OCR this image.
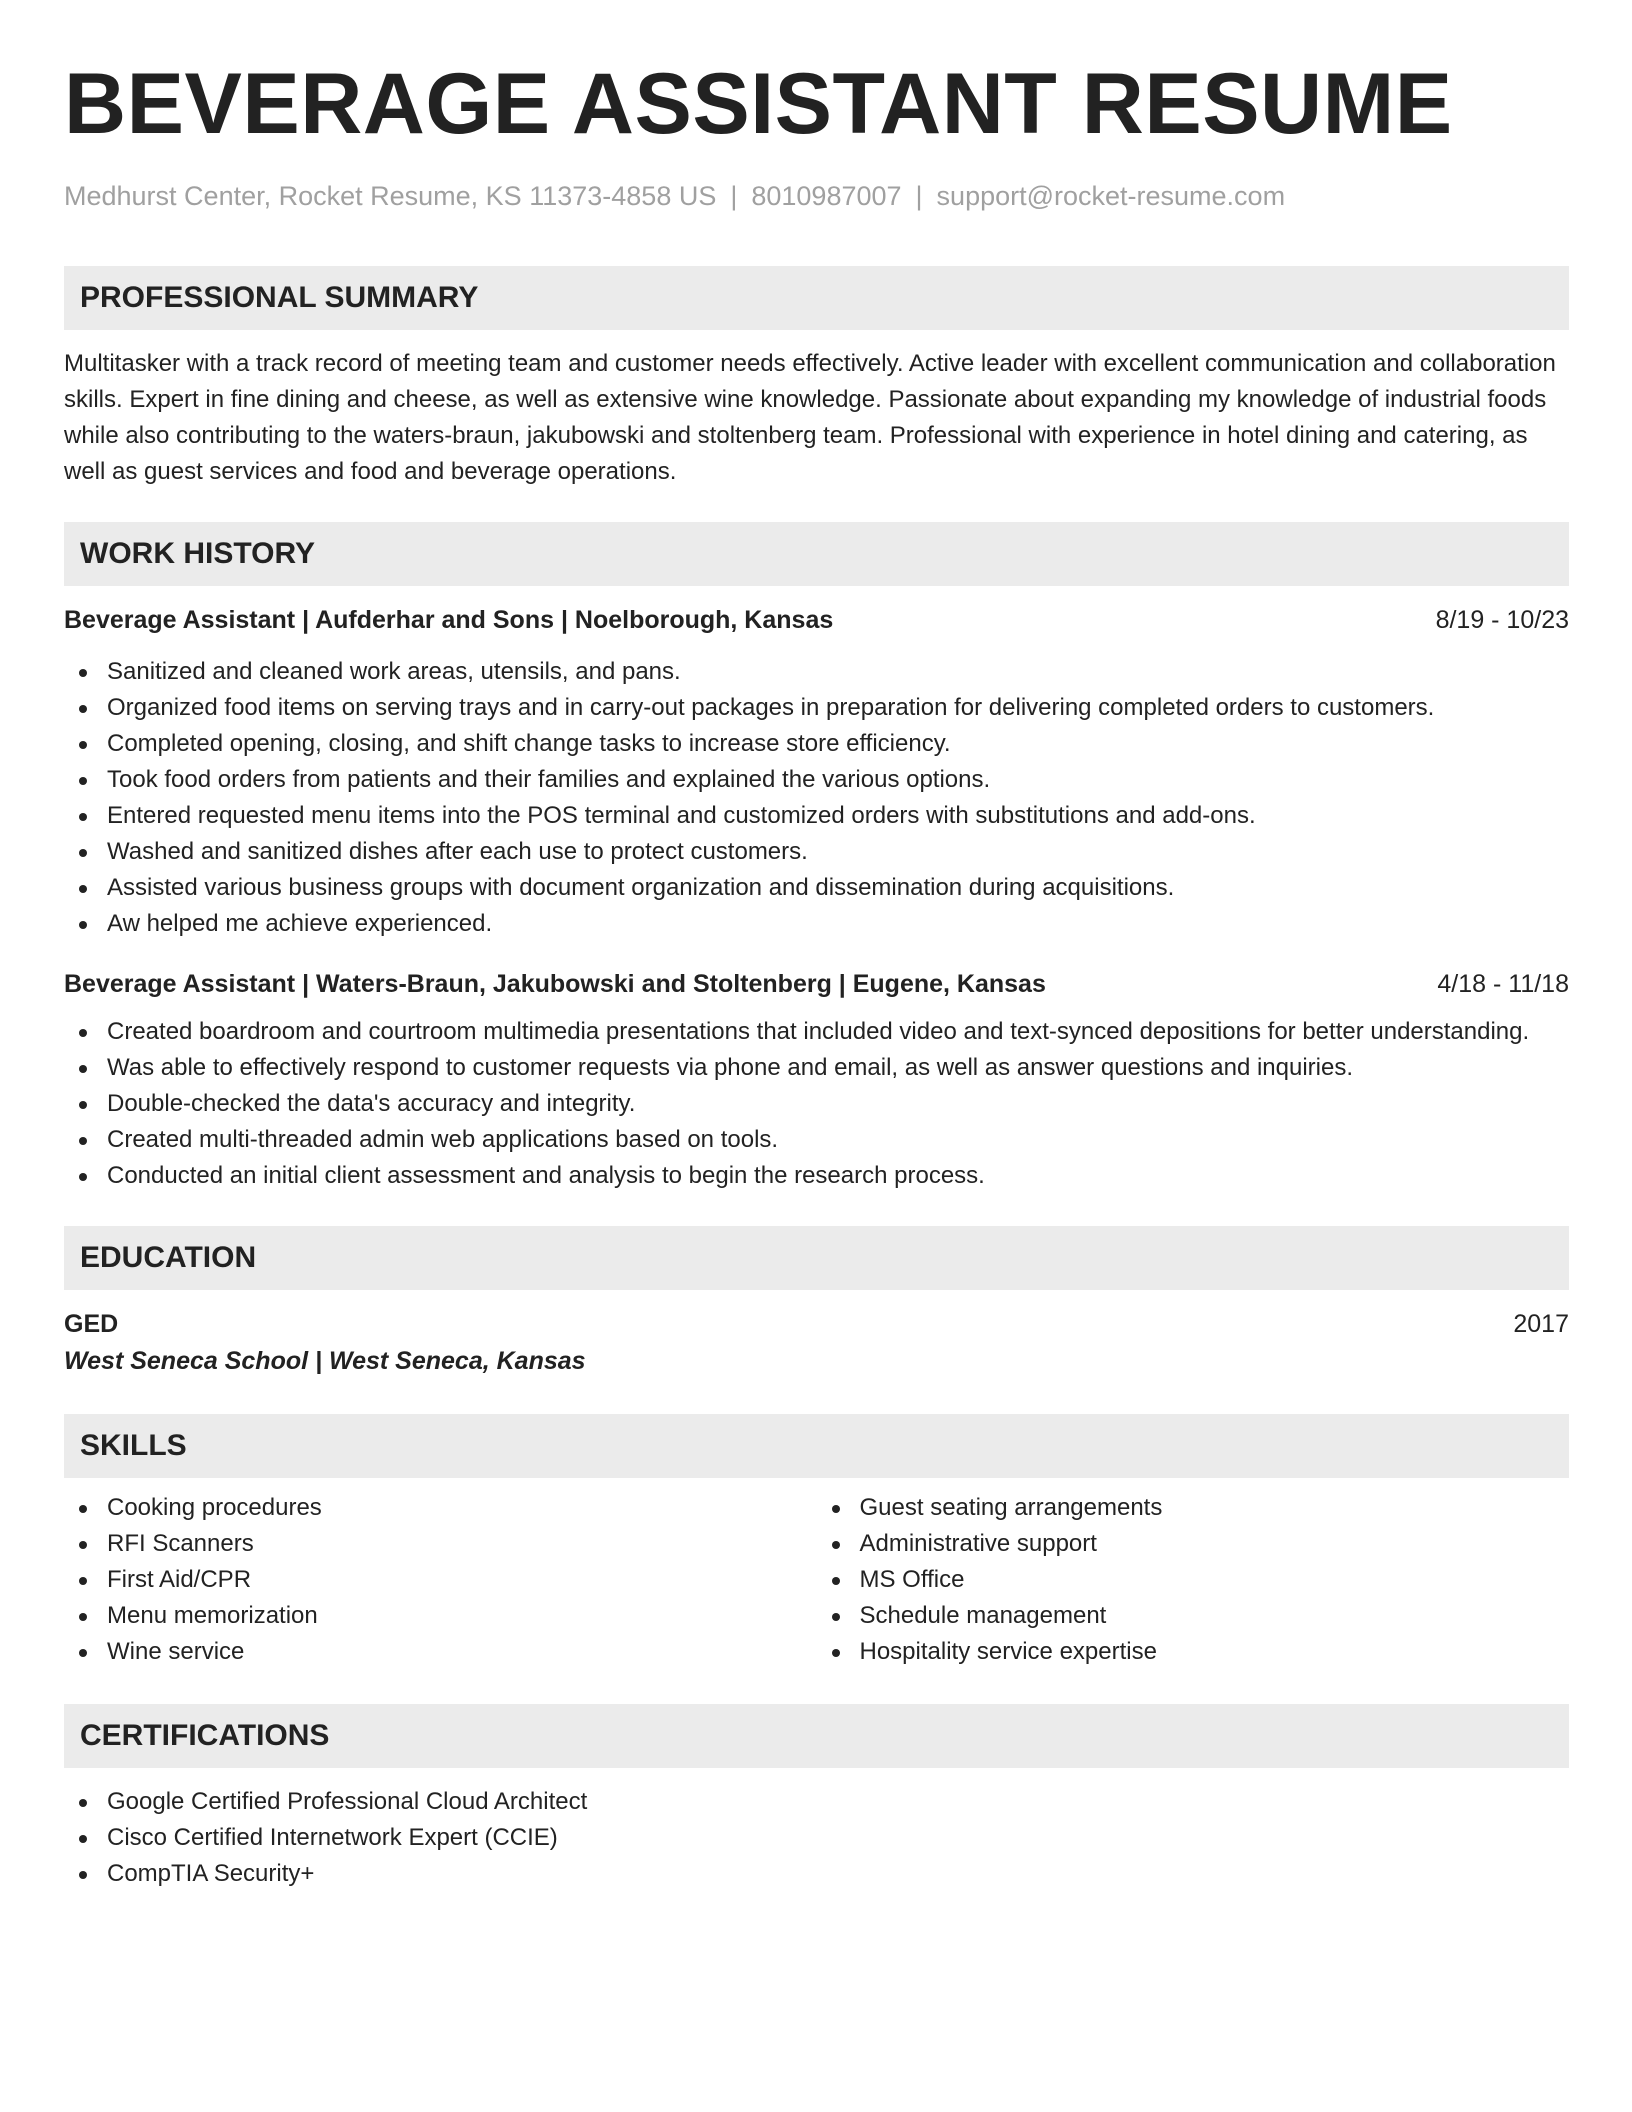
BEVERAGE ASSISTANT RESUME
Medhurst Center, Rocket Resume, KS 11373-4858 US | 8010987007 | support@rocket-resume.com
PROFESSIONAL SUMMARY
Multitasker with a track record of meeting team and customer needs effectively. Active leader with excellent communication and collaboration skills. Expert in fine dining and cheese, as well as extensive wine knowledge. Passionate about expanding my knowledge of industrial foods while also contributing to the waters-braun, jakubowski and stoltenberg team. Professional with experience in hotel dining and catering, as well as guest services and food and beverage operations.
WORK HISTORY
Beverage Assistant | Aufderhar and Sons | Noelborough, Kansas	8/19 - 10/23
Sanitized and cleaned work areas, utensils, and pans.
Organized food items on serving trays and in carry-out packages in preparation for delivering completed orders to customers.
Completed opening, closing, and shift change tasks to increase store efficiency.
Took food orders from patients and their families and explained the various options.
Entered requested menu items into the POS terminal and customized orders with substitutions and add-ons.
Washed and sanitized dishes after each use to protect customers.
Assisted various business groups with document organization and dissemination during acquisitions.
Aw helped me achieve experienced.
Beverage Assistant | Waters-Braun, Jakubowski and Stoltenberg | Eugene, Kansas	4/18 - 11/18
Created boardroom and courtroom multimedia presentations that included video and text-synced depositions for better understanding.
Was able to effectively respond to customer requests via phone and email, as well as answer questions and inquiries.
Double-checked the data's accuracy and integrity.
Created multi-threaded admin web applications based on tools.
Conducted an initial client assessment and analysis to begin the research process.
EDUCATION
GED	2017
West Seneca School | West Seneca, Kansas
SKILLS
Cooking procedures
RFI Scanners
First Aid/CPR
Menu memorization
Wine service
Guest seating arrangements
Administrative support
MS Office
Schedule management
Hospitality service expertise
CERTIFICATIONS
Google Certified Professional Cloud Architect
Cisco Certified Internetwork Expert (CCIE)
CompTIA Security+
